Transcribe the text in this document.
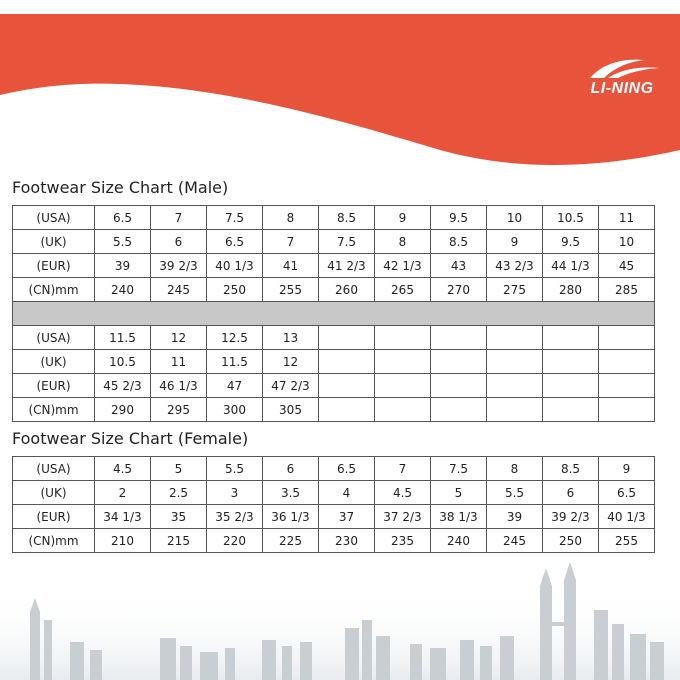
LI-NING
Footwear Size Chart (Male)
(USA)	6.5	7	7.5	8	8.5	9	9.5	10	10.5	11
(UK)	5.5	6	6.5	7	7.5	8	8.5	9	9.5	10
(EUR)	39	39 2/3	40 1/3	41	41 2/3	42 1/3	43	43 2/3	44 1/3	45
(CN)mm	240	245	250	255	260	265	270	275	280	285

(USA)	11.5	12	12.5	13						
(UK)	10.5	11	11.5	12						
(EUR)	45 2/3	46 1/3	47	47 2/3						
(CN)mm	290	295	300	305						
Footwear Size Chart (Female)
(USA)	4.5	5	5.5	6	6.5	7	7.5	8	8.5	9
(UK)	2	2.5	3	3.5	4	4.5	5	5.5	6	6.5
(EUR)	34 1/3	35	35 2/3	36 1/3	37	37 2/3	38 1/3	39	39 2/3	40 1/3
(CN)mm	210	215	220	225	230	235	240	245	250	255
